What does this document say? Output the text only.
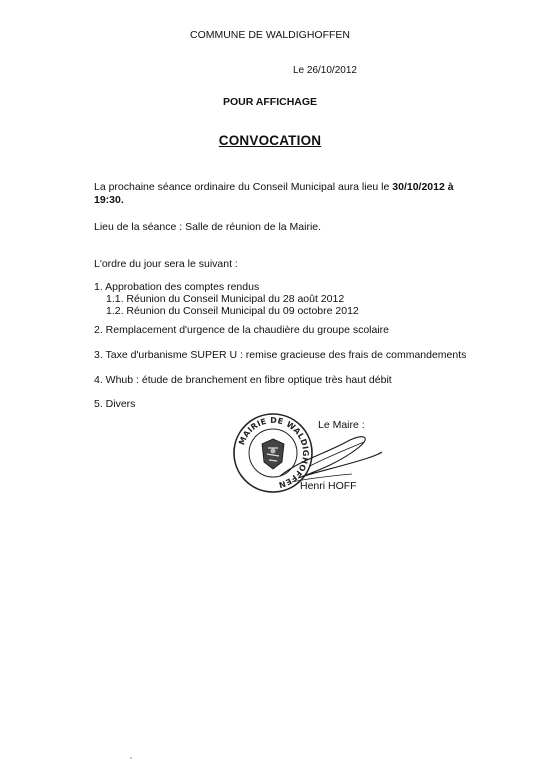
COMMUNE DE WALDIGHOFFEN

Le 26/10/2012

POUR AFFICHAGE

CONVOCATION

La prochaine séance ordinaire du Conseil Municipal aura lieu le 30/10/2012 à

19:30.

Lieu de la séance : Salle de réunion de la Mairie.

L'ordre du jour sera le suivant :

1. Approbation des comptes rendus

1.1. Réunion du Conseil Municipal du 28 août 2012

1.2. Réunion du Conseil Municipal du 09 octobre 2012

2. Remplacement d'urgence de la chaudière du groupe scolaire

3. Taxe d'urbanisme SUPER U : remise gracieuse des frais de commandements

4. Whub : étude de branchement en fibre optique très haut débit

5. Divers

MAIRIE DE WALDIGHOFFEN

Le Maire :

Henri HOFF
